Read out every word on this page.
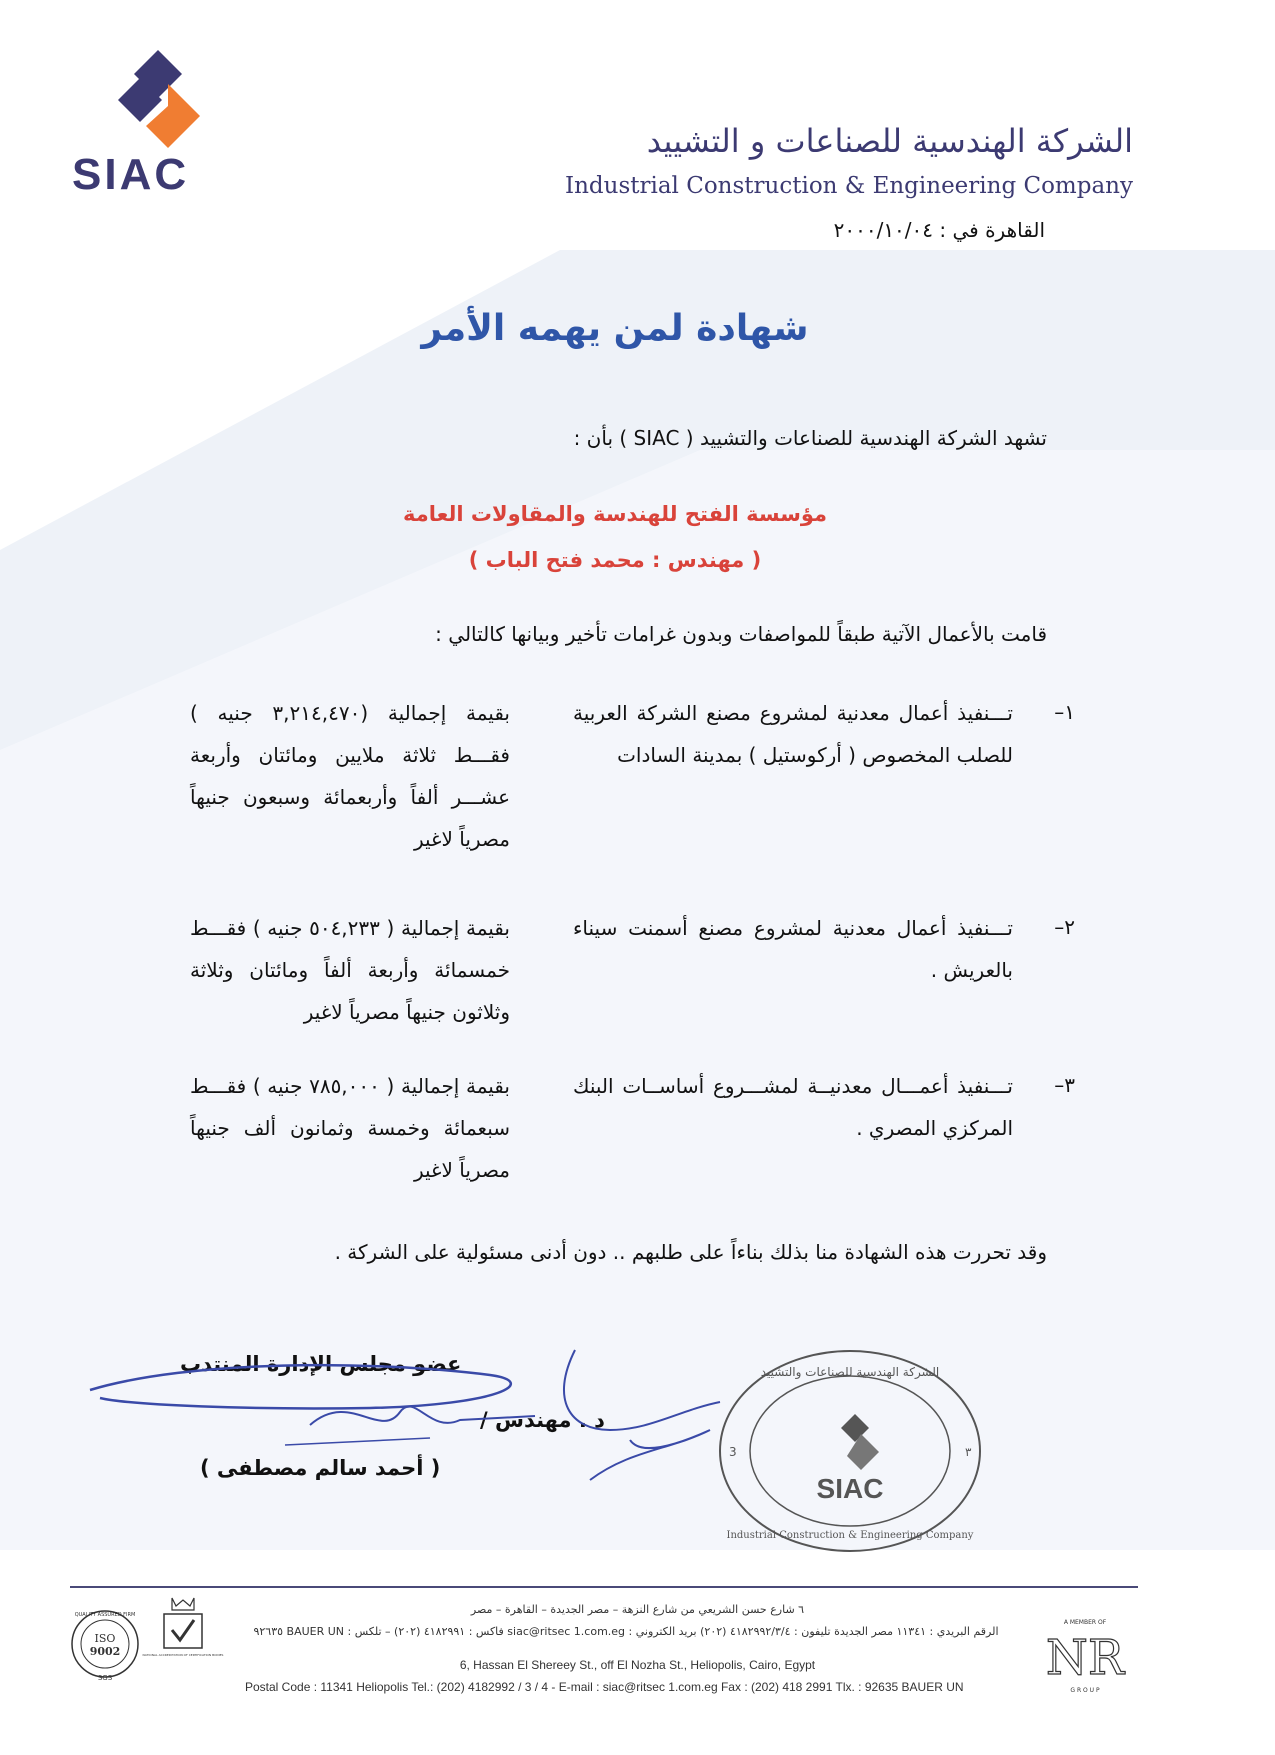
SIAC
الشركة الهندسية للصناعات و التشييد
Industrial Construction & Engineering Company
القاهرة في : ٢٠٠٠/١٠/٠٤
شهادة لمن يهمه الأمر
تشهد الشركة الهندسية للصناعات والتشييد ( SIAC ) بأن :
مؤسسة الفتح للهندسة والمقاولات العامة
( مهندس : محمد فتح الباب )
قامت بالأعمال الآتية طبقاً للمواصفات وبدون غرامات تأخير وبيانها كالتالي :
١–
تـــنفيذ أعمال معدنية لمشروع مصنع الشركة العربية للصلب المخصوص ( أركوستيل ) بمدينة السادات
بقيمة إجمالية (٣,٢١٤,٤٧٠ جنيه ) فقـــط ثلاثة ملايين ومائتان وأربعة عشـــر ألفاً وأربعمائة وسبعون جنيهاً مصرياً لاغير
٢–
تـــنفيذ أعمال معدنية لمشروع مصنع أسمنت سيناء بالعريش .
بقيمة إجمالية ( ٥٠٤,٢٣٣ جنيه ) فقـــط خمسمائة وأربعة ألفاً ومائتان وثلاثة وثلاثون جنيهاً مصرياً لاغير
٣–
تـــنفيذ أعمـــال معدنيــة لمشـــروع أساســات البنك المركزي المصري .
بقيمة إجمالية ( ٧٨٥,٠٠٠ جنيه ) فقـــط سبعمائة وخمسة وثمانون ألف جنيهاً مصرياً لاغير
وقد تحررت هذه الشهادة منا بذلك بناءاً على طلبهم .. دون أدنى مسئولية على الشركة .
عضو مجلس الإدارة المنتدب
د . مهندس /
( أحمد سالم مصطفى )
SIAC
الشركة الهندسية للصناعات والتشييد
Industrial Construction & Engineering Company
3	٣
QUALITY ASSURED FIRM
ISO
9002
SGS
NATIONAL ACCREDITATION OF CERTIFICATION BODIES
٦ شارع حسن الشريعي من شارع النزهة – مصر الجديدة – القاهرة – مصر
الرقم البريدي : ١١٣٤١ مصر الجديدة تليفون : ٤١٨٢٩٩٢/٣/٤ (٢٠٢) بريد الكتروني : siac@ritsec 1.com.eg فاكس : ٤١٨٢٩٩١ (٢٠٢) – تلكس : BAUER UN ٩٢٦٣٥
6, Hassan El Shereey St., off El Nozha St., Heliopolis, Cairo, Egypt
Postal Code : 11341 Heliopolis Tel.: (202) 4182992 / 3 / 4 - E-mail : siac@ritsec 1.com.eg Fax : (202) 418 2991 Tlx. : 92635 BAUER UN
A MEMBER OF
NR
G R O U P
